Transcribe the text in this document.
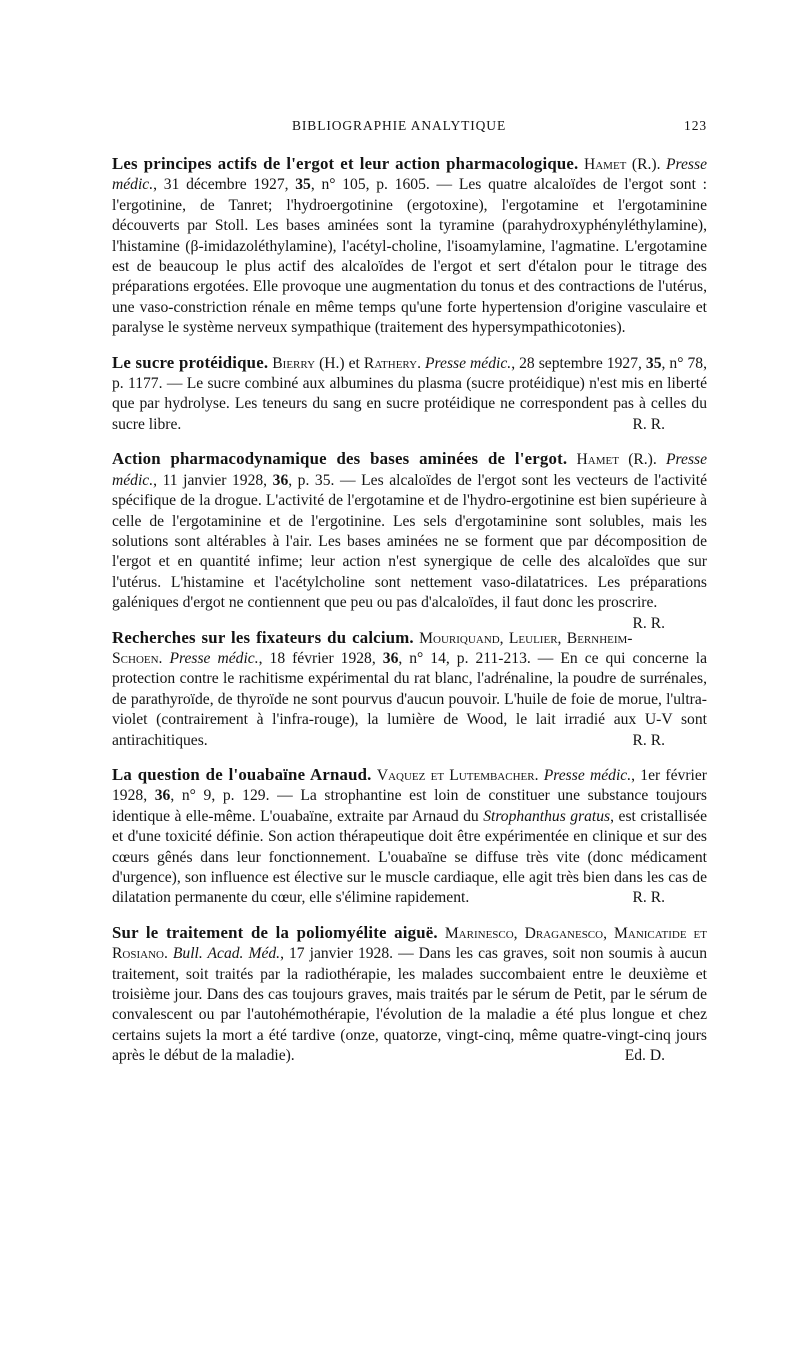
BIBLIOGRAPHIE ANALYTIQUE	123

Les principes actifs de l'ergot et leur action pharmacologique. Hamet (R.). Presse médic., 31 décembre 1927, 35, n° 105, p. 1605. — Les quatre alcaloïdes de l'ergot sont : l'ergotinine, de Tanret; l'hydroergotinine (ergotoxine), l'ergotamine et l'ergotaminine découverts par Stoll. Les bases aminées sont la tyramine (parahydroxyphényléthylamine), l'histamine (β-imidazoléthylamine), l'acétyl-choline, l'isoamylamine, l'agmatine. L'ergotamine est de beaucoup le plus actif des alcaloïdes de l'ergot et sert d'étalon pour le titrage des préparations ergotées. Elle provoque une augmentation du tonus et des contractions de l'utérus, une vaso-constriction rénale en même temps qu'une forte hypertension d'origine vasculaire et paralyse le système nerveux sympathique (traitement des hypersympathicotonies).

Le sucre protéidique. Bierry (H.) et Rathery. Presse médic., 28 septembre 1927, 35, n° 78, p. 1177. — Le sucre combiné aux albumines du plasma (sucre protéidique) n'est mis en liberté que par hydrolyse. Les teneurs du sang en sucre protéidique ne correspondent pas à celles du sucre libre.	R. R.

Action pharmacodynamique des bases aminées de l'ergot. Hamet (R.). Presse médic., 11 janvier 1928, 36, p. 35. — Les alcaloïdes de l'ergot sont les vecteurs de l'activité spécifique de la drogue. L'activité de l'ergotamine et de l'hydro-ergotinine est bien supérieure à celle de l'ergotaminine et de l'ergotinine. Les sels d'ergotaminine sont solubles, mais les solutions sont altérables à l'air. Les bases aminées ne se forment que par décomposition de l'ergot et en quantité infime; leur action n'est synergique de celle des alcaloïdes que sur l'utérus. L'histamine et l'acétylcholine sont nettement vaso-dilatatrices. Les préparations galéniques d'ergot ne contiennent que peu ou pas d'alcaloïdes, il faut donc les proscrire.
R. R.

Recherches sur les fixateurs du calcium. Mouriquand, Leulier, Bernheim-Schoen. Presse médic., 18 février 1928, 36, n° 14, p. 211-213. — En ce qui concerne la protection contre le rachitisme expérimental du rat blanc, l'adrénaline, la poudre de surrénales, de parathyroïde, de thyroïde ne sont pourvus d'aucun pouvoir. L'huile de foie de morue, l'ultra-violet (contrairement à l'infra-rouge), la lumière de Wood, le lait irradié aux U-V sont antirachitiques.	R. R.

La question de l'ouabaïne Arnaud. Vaquez et Lutembacher. Presse médic., 1er février 1928, 36, n° 9, p. 129. — La strophantine est loin de constituer une substance toujours identique à elle-même. L'ouabaïne, extraite par Arnaud du Strophanthus gratus, est cristallisée et d'une toxicité définie. Son action thérapeutique doit être expérimentée en clinique et sur des cœurs gênés dans leur fonctionnement. L'ouabaïne se diffuse très vite (donc médicament d'urgence), son influence est élective sur le muscle cardiaque, elle agit très bien dans les cas de dilatation permanente du cœur, elle s'élimine rapidement.	R. R.

Sur le traitement de la poliomyélite aiguë. Marinesco, Draganesco, Manicatide et Rosiano. Bull. Acad. Méd., 17 janvier 1928. — Dans les cas graves, soit non soumis à aucun traitement, soit traités par la radiothérapie, les malades succombaient entre le deuxième et troisième jour. Dans des cas toujours graves, mais traités par le sérum de Petit, par le sérum de convalescent ou par l'autohémothérapie, l'évolution de la maladie a été plus longue et chez certains sujets la mort a été tardive (onze, quatorze, vingt-cinq, même quatre-vingt-cinq jours après le début de la maladie).	Ed. D.
